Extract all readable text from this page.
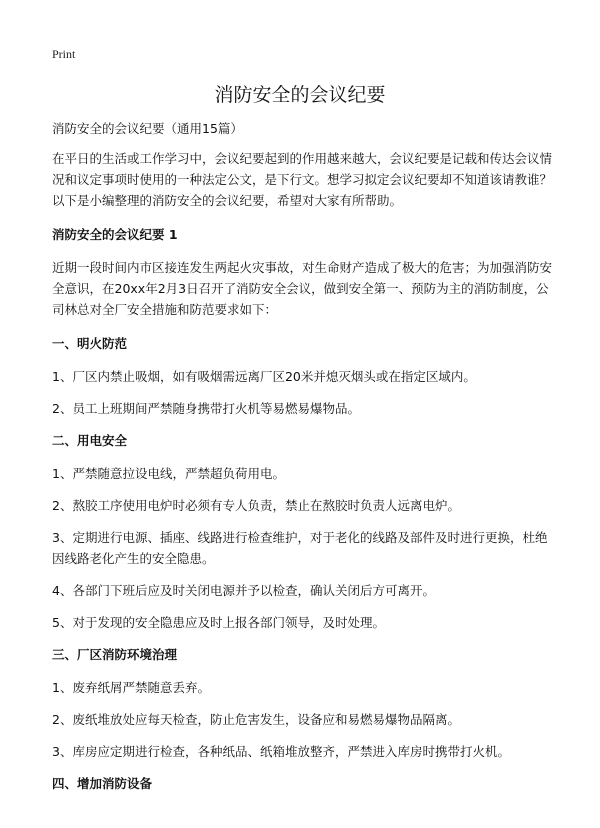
Print
消防安全的会议纪要

消防安全的会议纪要（通用15篇）

在平日的生活或工作学习中，会议纪要起到的作用越来越大，会议纪要是记载和传达会议情况和议定事项时使用的一种法定公文，是下行文。想学习拟定会议纪要却不知道该请教谁？以下是小编整理的消防安全的会议纪要，希望对大家有所帮助。

消防安全的会议纪要 1

近期一段时间内市区接连发生两起火灾事故，对生命财产造成了极大的危害；为加强消防安全意识，在20xx年2月3日召开了消防安全会议，做到安全第一、预防为主的消防制度，公司林总对全厂安全措施和防范要求如下：

一、明火防范

1、厂区内禁止吸烟，如有吸烟需远离厂区20米并熄灭烟头或在指定区域内。

2、员工上班期间严禁随身携带打火机等易燃易爆物品。

二、用电安全

1、严禁随意拉设电线，严禁超负荷用电。

2、熬胶工序使用电炉时必须有专人负责，禁止在熬胶时负责人远离电炉。

3、定期进行电源、插座、线路进行检查维护，对于老化的线路及部件及时进行更换，杜绝因线路老化产生的安全隐患。

4、各部门下班后应及时关闭电源并予以检查，确认关闭后方可离开。

5、对于发现的安全隐患应及时上报各部门领导，及时处理。

三、厂区消防环境治理

1、废弃纸屑严禁随意丢弃。

2、废纸堆放处应每天检查，防止危害发生，设备应和易燃易爆物品隔离。

3、库房应定期进行检查，各种纸品、纸箱堆放整齐，严禁进入库房时携带打火机。

四、增加消防设备
